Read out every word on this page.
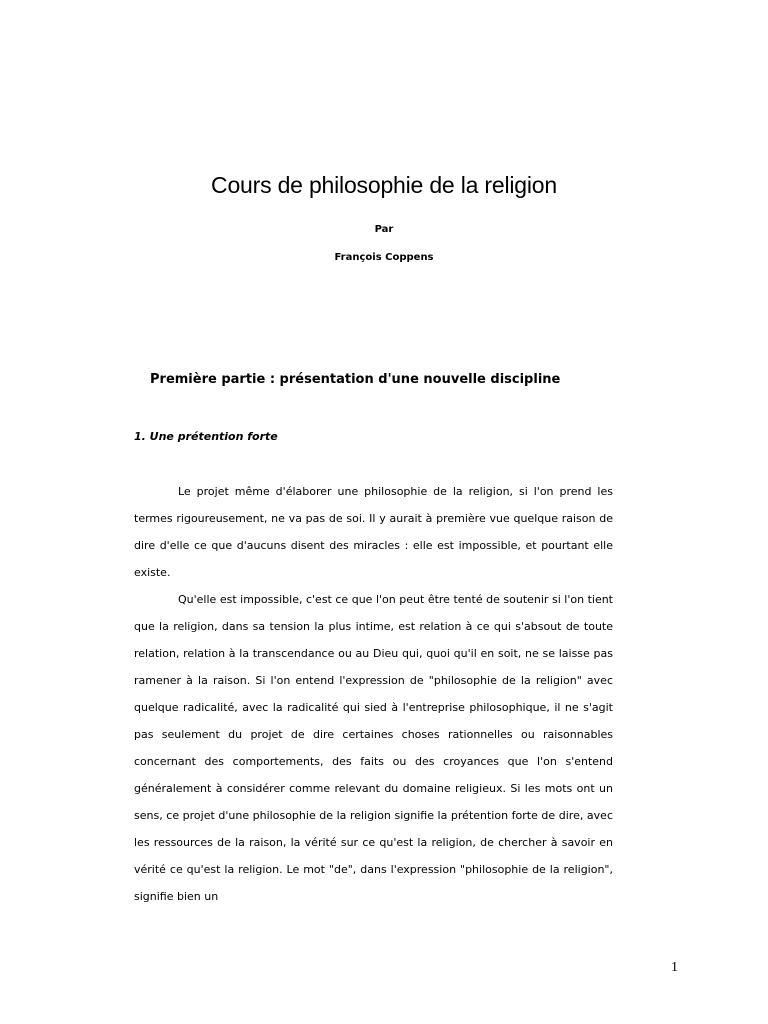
Cours de philosophie de la religion
Par
François Coppens
Première partie : présentation d'une nouvelle discipline
1. Une prétention forte

Le projet même d'élaborer une philosophie de la religion, si l'on prend les termes rigoureusement, ne va pas de soi. Il y aurait à première vue quelque raison de dire d'elle ce que d'aucuns disent des miracles : elle est impossible, et pourtant elle existe.

Qu'elle est impossible, c'est ce que l'on peut être tenté de soutenir si l'on tient que la religion, dans sa tension la plus intime, est relation à ce qui s'absout de toute relation, relation à la transcendance ou au Dieu qui, quoi qu'il en soit, ne se laisse pas ramener à la raison. Si l'on entend l'expression de "philosophie de la religion" avec quelque radicalité, avec la radicalité qui sied à l'entreprise philosophique, il ne s'agit pas seulement du projet de dire certaines choses rationnelles ou raisonnables concernant des comportements, des faits ou des croyances que l'on s'entend généralement à considérer comme relevant du domaine religieux. Si les mots ont un sens, ce projet d'une philosophie de la religion signifie la prétention forte de dire, avec les ressources de la raison, la vérité sur ce qu'est la religion, de chercher à savoir en vérité ce qu'est la religion. Le mot "de", dans l'expression "philosophie de la religion", signifie bien un

1
